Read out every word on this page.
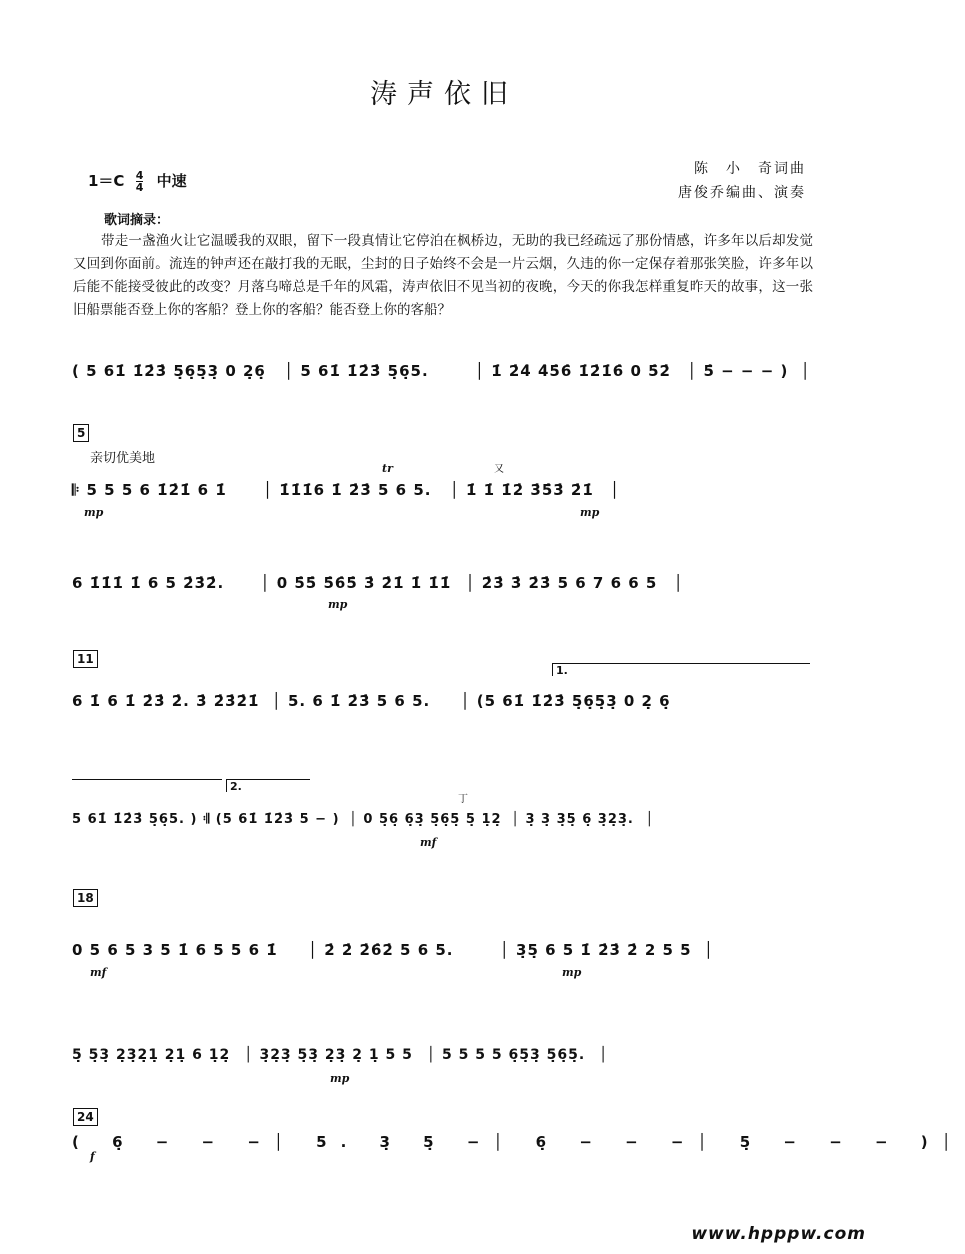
涛声依旧
$1=C \frac{4}{4}$ 中速
陈　小　奇词曲
唐俊乔编曲、演奏
歌词摘录：
带走一盏渔火让它温暖我的双眼，留下一段真情让它停泊在枫桥边，无助的我已经疏远了那份情感，许多年以后却发觉又回到你面前。流连的钟声还在敲打我的无眠，尘封的日子始终不会是一片云烟，久违的你一定保存着那张笑脸，许多年以后能不能接受彼此的改变？月落乌啼总是千年的风霜，涛声依旧不见当初的夜晚，今天的你我怎样重复昨天的故事，这一张旧船票能否登上你的客船？登上你的客船？能否登上你的客船？
( 5 61̇ 1̇2̇3̇ 5̣6̣5̣3̣ 0 2̣6̣ │ 5 61̇ 1̇2̇3̇ 5̣6̣5.	│ 1̇ 2̇4̇ 4̇5̇6̇ 1̇2̇1̇6̇ 0 5̇2̇ │ 5̇ − − − ) │
5
亲切优美地
𝄆 5 5 5 6 1̇2̇1̇ 6 1̇ │ 1̇1̇1̇6 1̇ 2̇3̇ 5 6 5. │ 1̇ 1̇ 1̇2̇ 3̇5̇3̇ 2̇1̇ │
mp	mp
又
tr
6 1̇1̇1̇ 1̇ 6 5 2̇3̇2̇. │ 0 5̇5̇ 5̇6̇5̇ 3̇ 2̇1̇ 1̇ 1̇1̇ │ 2̇3̇ 3̇ 2̇3̇ 5 6 7 6 6 5 │
mp
11
1.
6 1̇ 6 1̇ 2̇3̇ 2̇. 3̇ 2̇3̇2̇1̇ │ 5. 6 1̇ 2̇3̇ 5 6 5. │ (5 61̇ 1̇2̇3̇ 5̣6̣5̣3̣ 0 2̣ 6̣
2.
5 61̇ 1̇2̇3̇ 5̣6̣5. ) 𝄇 (5 61̇ 1̇2̇3̇ 5 − ) │ 0 5̣6̣ 6̣3̣ 5̣6̣5̣ 5̣ 1̣2̣ │ 3̣ 3̣ 3̣5̣ 6̣ 3̣2̣3̣. │
mf
丁
18
0 5 6 5 3 5 1̇ 6 5 5 6 1̇ │ 2̇ 2̇ 2̇6̇2̇ 5 6 5.	│ 3̣5̣ 6 5 1̇ 2̇3̇ 2̇ 2 5 5 │
mf	mp
5̣ 5̣3̣ 2̣3̣2̣1̣ 2̣1̣ 6 1̣2̣ │ 3̣2̣3̣ 5̣3̣ 2̣3̣ 2̣ 1̣ 5 5 │ 5 5 5 5 6̣5̣3̣ 5̣6̣5̣. │
mp
24
( 6̣ − − −│ 5. 3̣ 5̣ −│ 6̣ − − −│ 5̣ − − − )│
f
www.hpppw.com
